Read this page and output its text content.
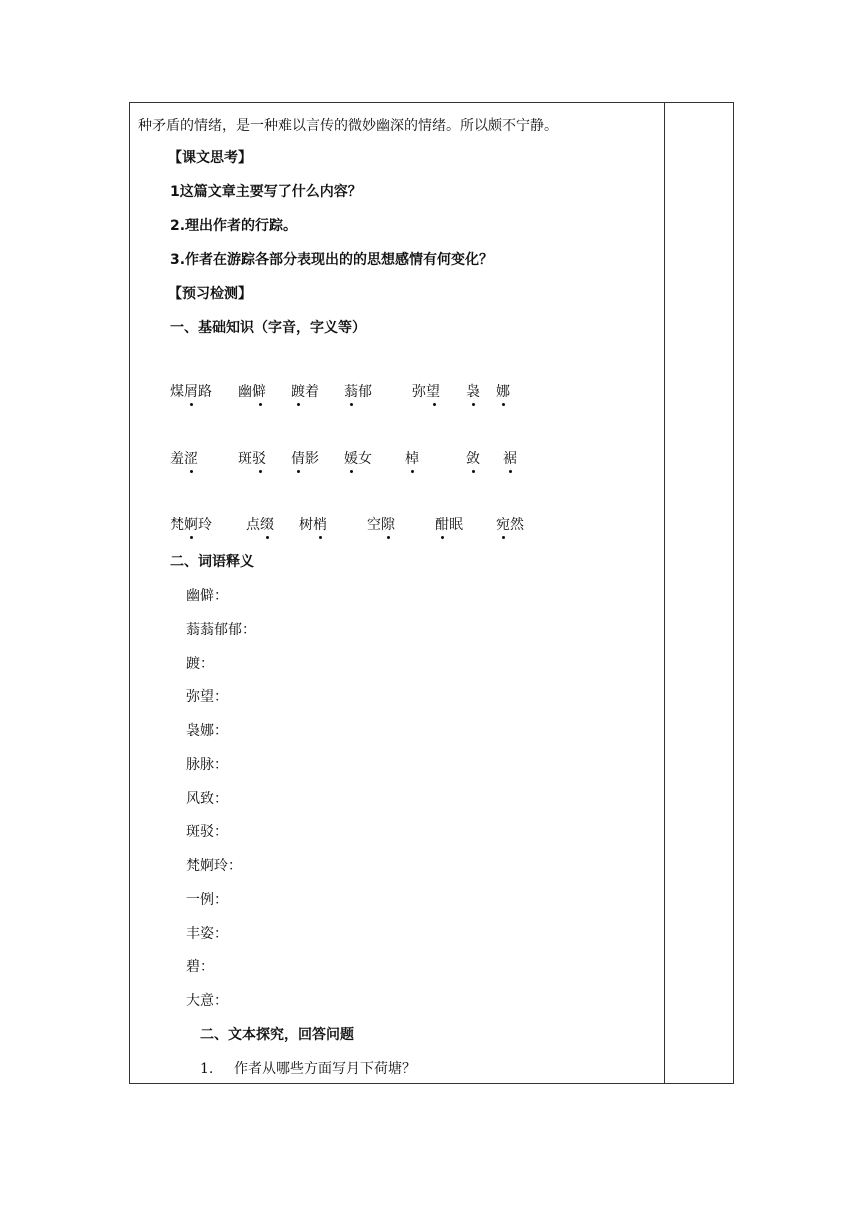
种矛盾的情绪，是一种难以言传的微妙幽深的情绪。所以颇不宁静。
【课文思考】
1这篇文章主要写了什么内容？
2.理出作者的行踪。
3.作者在游踪各部分表现出的的思想感情有何变化？
【预习检测】
一、基础知识（字音，字义等）
煤屑路 幽僻 踱着 蓊郁	弥望 袅 娜
羞涩	斑驳 倩影 媛女 棹	敛 裾
梵婀玲 点缀 树梢	空隙	酣眠 宛然
二、词语释义
幽僻：
蓊蓊郁郁：
踱：
弥望：
袅娜：
脉脉：
风致：
斑驳：
梵婀玲：
一例：
丰姿：
碧：
大意：
二、文本探究，回答问题
1. 作者从哪些方面写月下荷塘？
